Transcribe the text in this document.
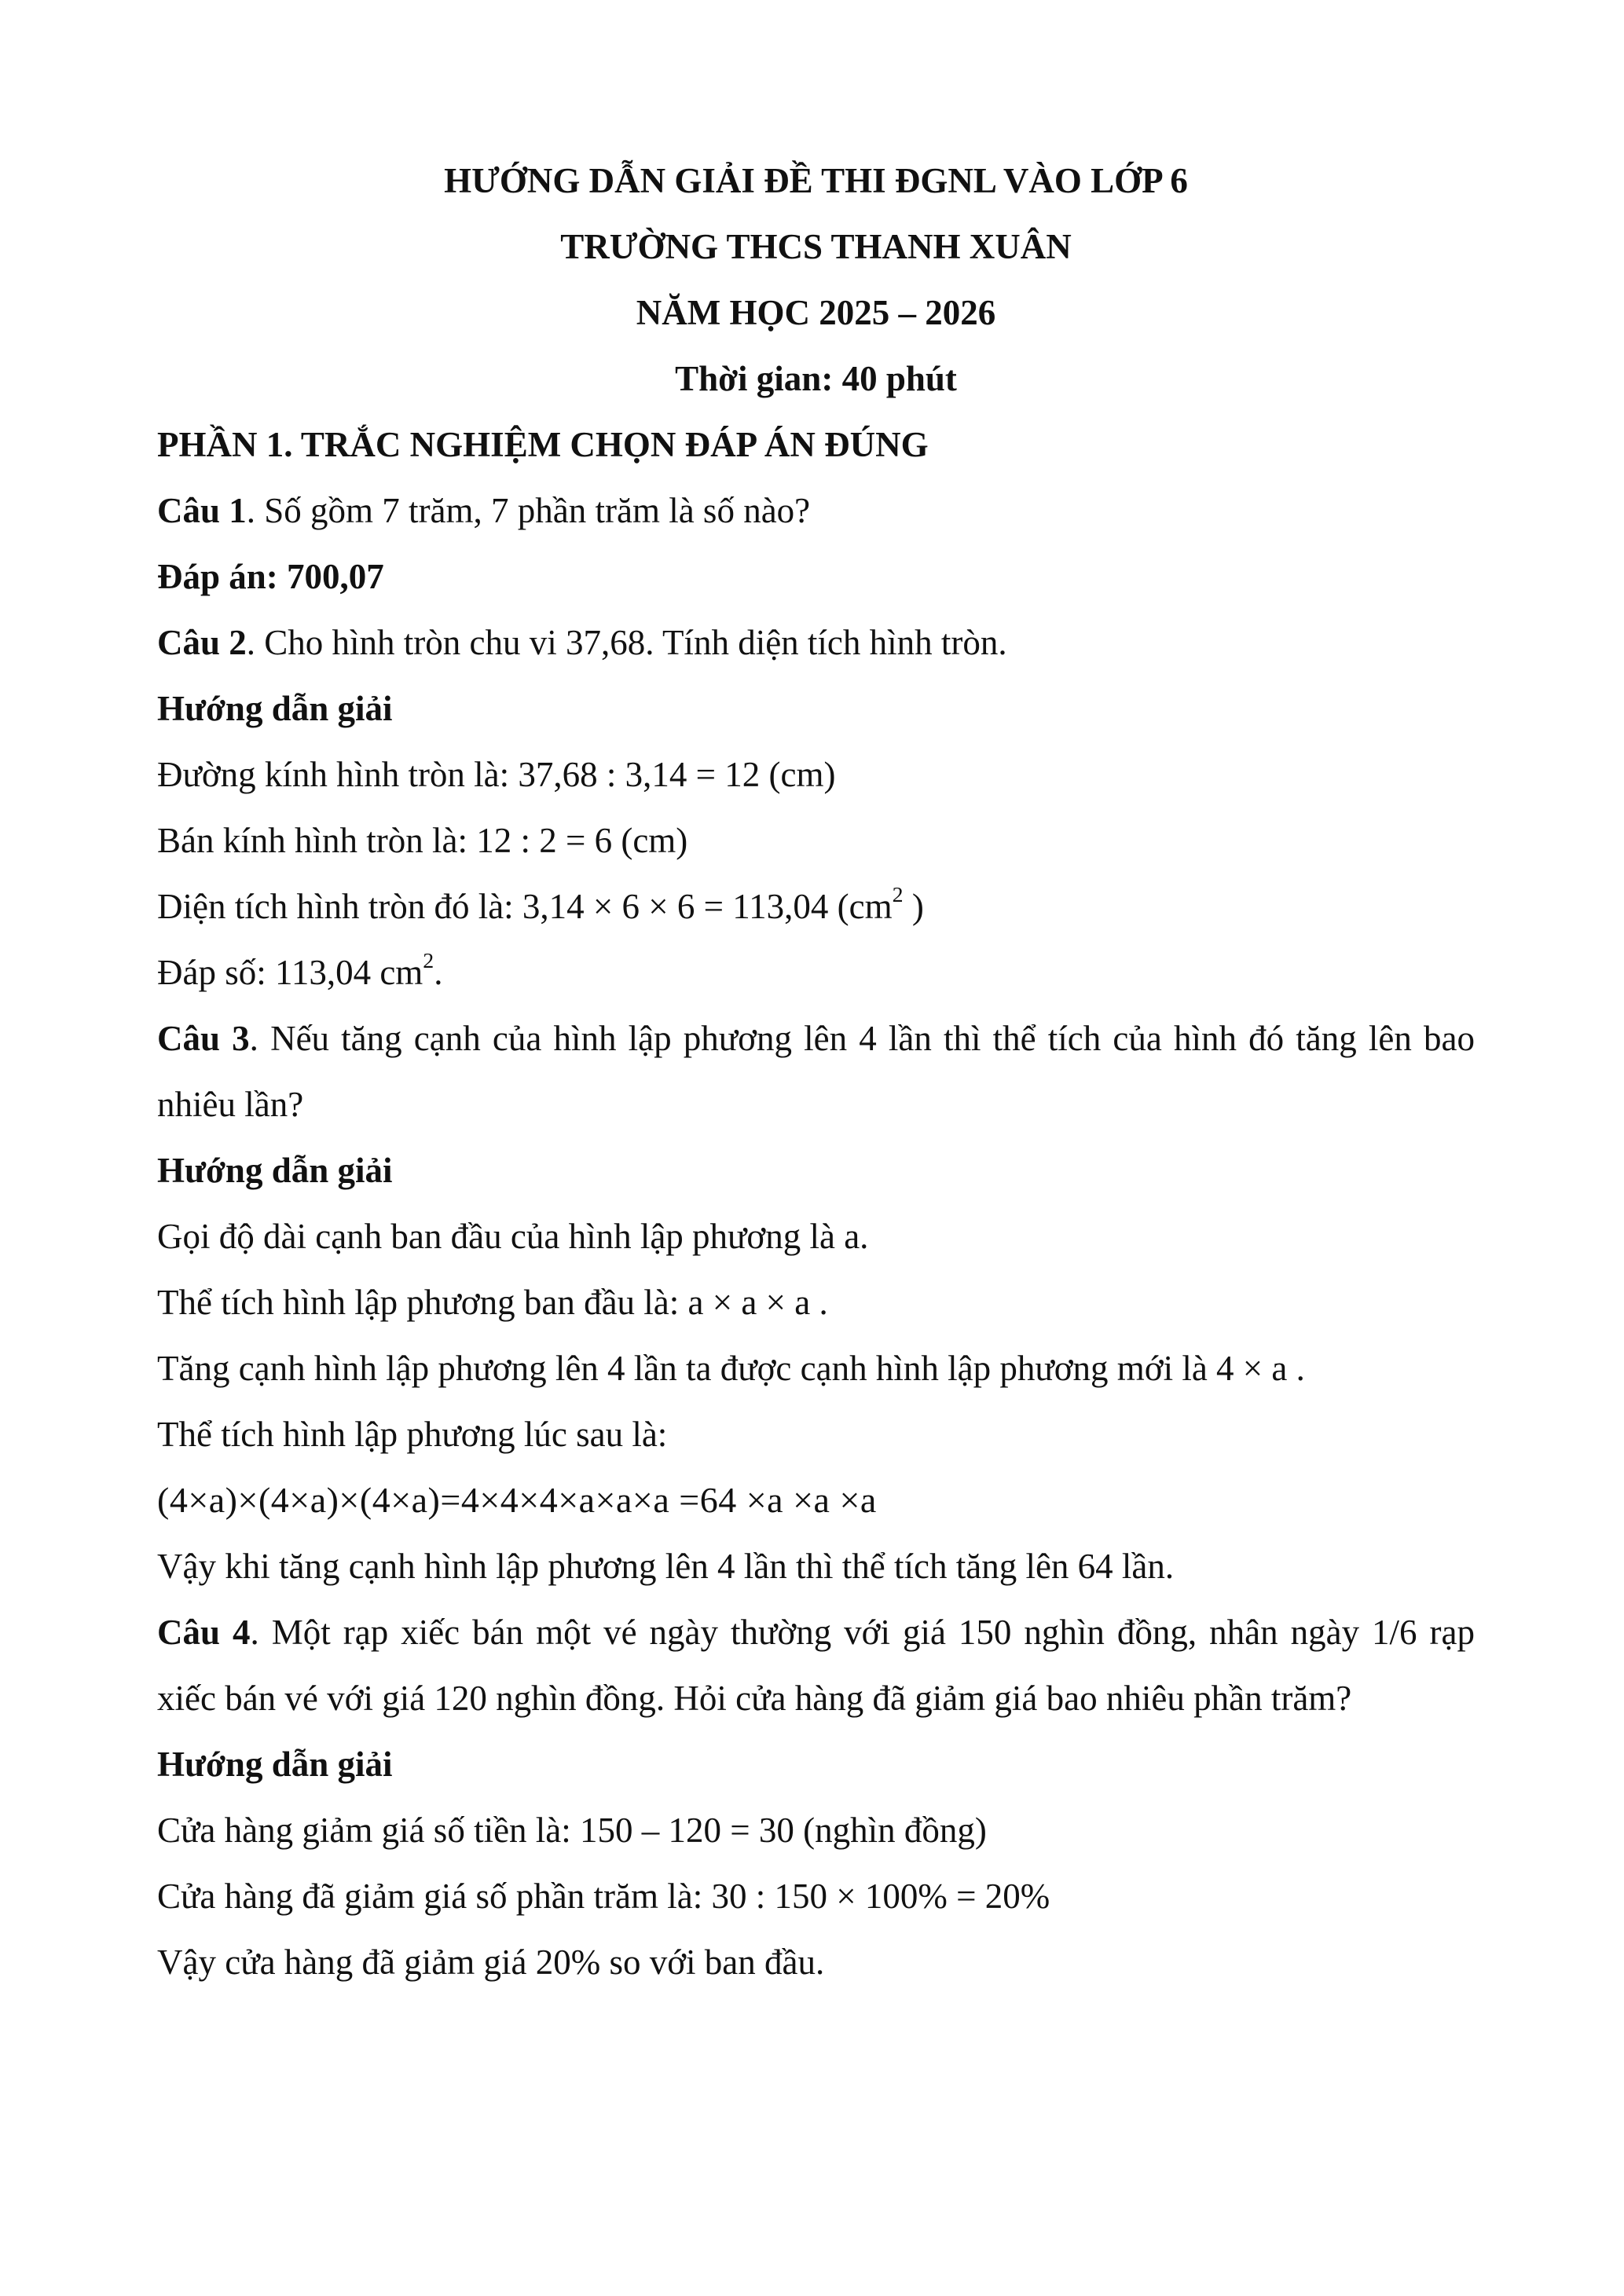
HƯỚNG DẪN GIẢI ĐỀ THI ĐGNL VÀO LỚP 6

TRƯỜNG THCS THANH XUÂN

NĂM HỌC 2025 – 2026

Thời gian: 40 phút

PHẦN 1. TRẮC NGHIỆM CHỌN ĐÁP ÁN ĐÚNG

Câu 1. Số gồm 7 trăm, 7 phần trăm là số nào?

Đáp án: 700,07

Câu 2. Cho hình tròn chu vi 37,68. Tính diện tích hình tròn.

Hướng dẫn giải

Đường kính hình tròn là: 37,68 : 3,14 = 12 (cm)

Bán kính hình tròn là: 12 : 2 = 6 (cm)

Diện tích hình tròn đó là: 3,14 × 6 × 6 = 113,04 ($cm^2$ )

Đáp số: 113,04 $cm^2$.

Câu 3. Nếu tăng cạnh của hình lập phương lên 4 lần thì thể tích của hình đó tăng lên bao nhiêu lần?

Hướng dẫn giải

Gọi độ dài cạnh ban đầu của hình lập phương là a.

Thể tích hình lập phương ban đầu là: a × a × a .

Tăng cạnh hình lập phương lên 4 lần ta được cạnh hình lập phương mới là 4 × a .

Thể tích hình lập phương lúc sau là:

(4×a)×(4×a)×(4×a)=4×4×4×a×a×a =64 ×a ×a ×a

Vậy khi tăng cạnh hình lập phương lên 4 lần thì thể tích tăng lên 64 lần.

Câu 4. Một rạp xiếc bán một vé ngày thường với giá 150 nghìn đồng, nhân ngày 1/6 rạp xiếc bán vé với giá 120 nghìn đồng. Hỏi cửa hàng đã giảm giá bao nhiêu phần trăm?

Hướng dẫn giải

Cửa hàng giảm giá số tiền là: 150 – 120 = 30 (nghìn đồng)

Cửa hàng đã giảm giá số phần trăm là: 30 : 150 × 100% = 20%

Vậy cửa hàng đã giảm giá 20% so với ban đầu.
